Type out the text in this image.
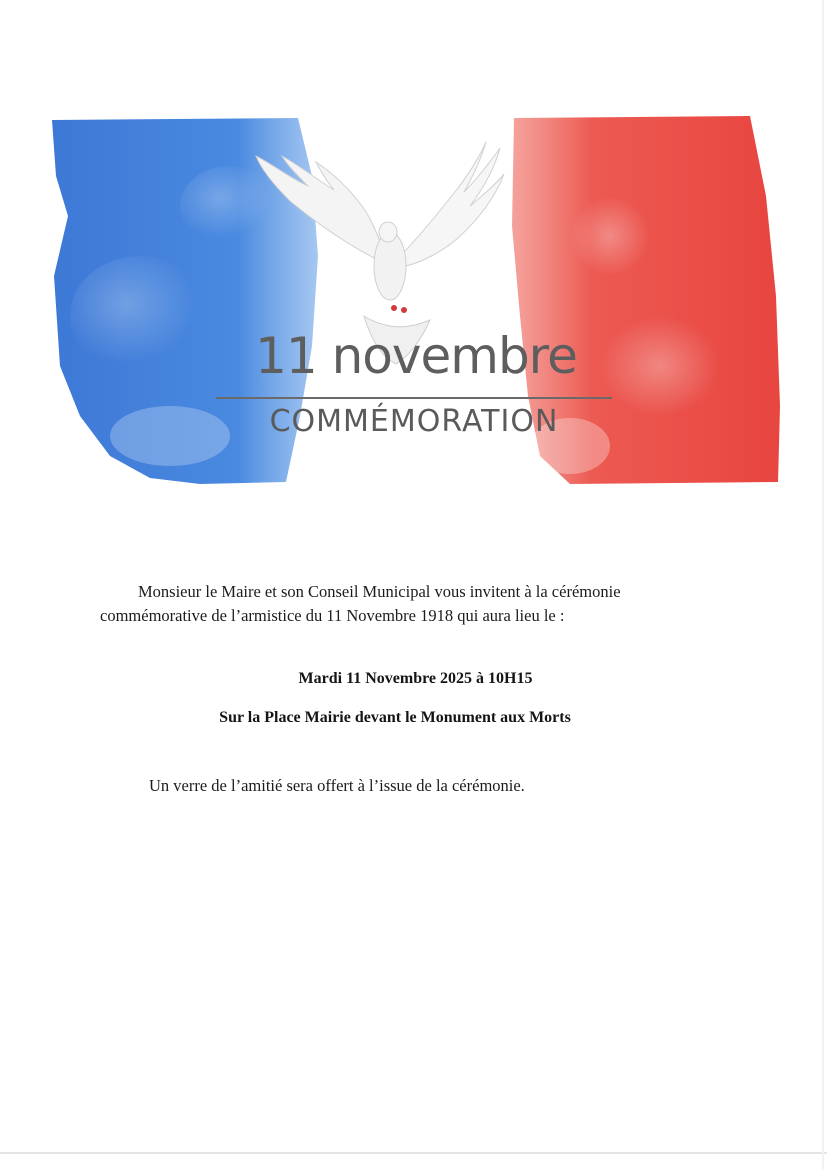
11 novembre
COMMÉMORATION
Monsieur le Maire et son Conseil Municipal vous invitent à la cérémonie
commémorative de l’armistice du 11 Novembre 1918 qui aura lieu le :
Mardi 11 Novembre 2025 à 10H15
Sur la Place Mairie devant le Monument aux Morts
Un verre de l’amitié sera offert à l’issue de la cérémonie.
